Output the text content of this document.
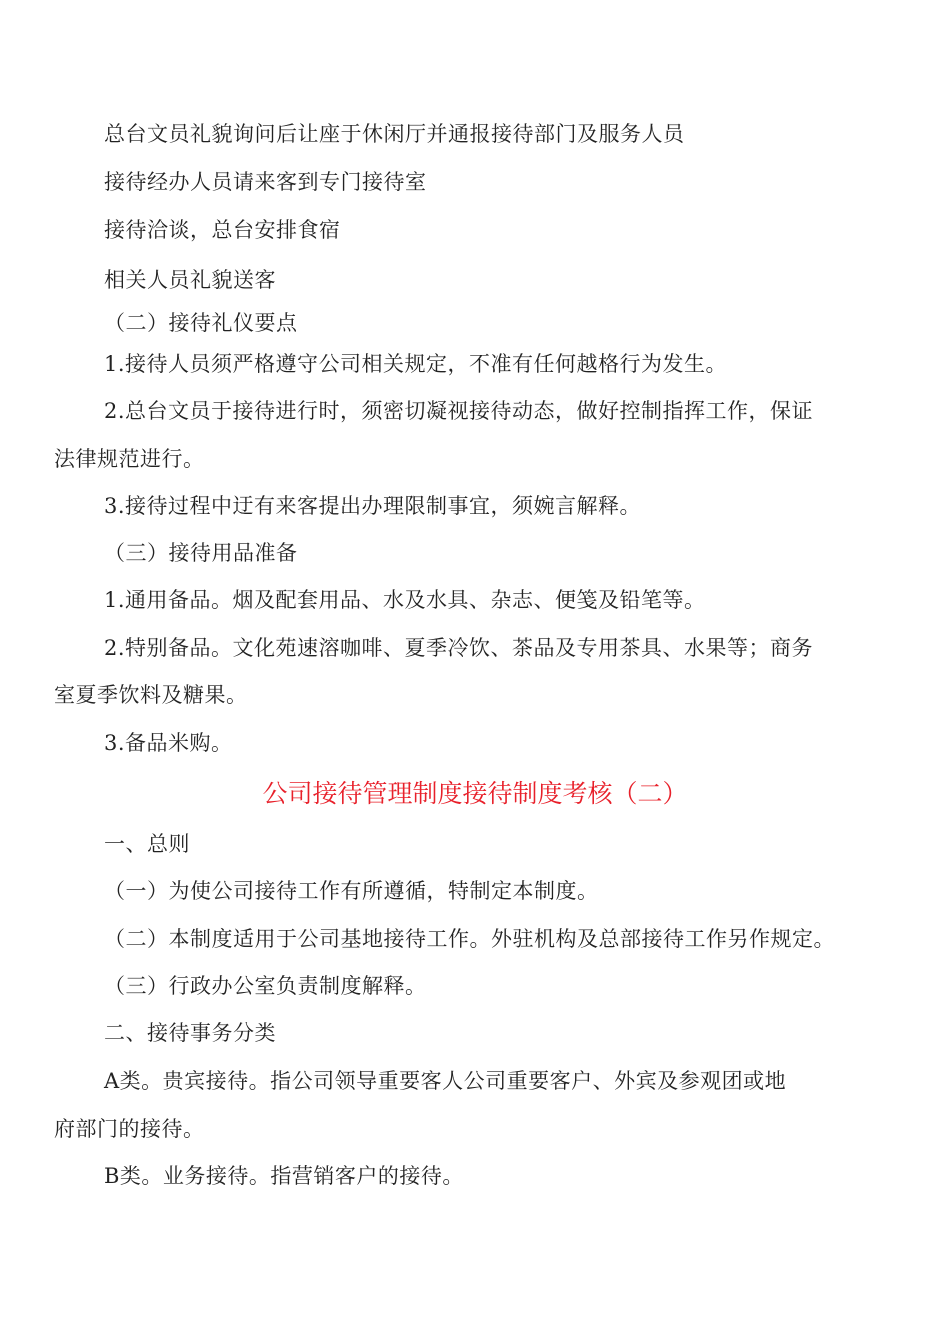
总台文员礼貌询问后让座于休闲厅并通报接待部门及服务人员
接待经办人员请来客到专门接待室
接待洽谈，总台安排食宿
相关人员礼貌送客
（二）接待礼仪要点
1.接待人员须严格遵守公司相关规定，不准有任何越格行为发生。
2.总台文员于接待进行时，须密切凝视接待动态，做好控制指挥工作，保证
法律规范进行。
3.接待过程中迂有来客提出办理限制事宜，须婉言解释。
（三）接待用品准备
1.通用备品。烟及配套用品、水及水具、杂志、便笺及铅笔等。
2.特别备品。文化苑速溶咖啡、夏季冷饮、茶品及专用茶具、水果等；商务
室夏季饮料及糖果。
3.备品米购。
公司接待管理制度接待制度考核（二）
一、总则
（一）为使公司接待工作有所遵循，特制定本制度。
（二）本制度适用于公司基地接待工作。外驻机构及总部接待工作另作规定。
（三）行政办公室负责制度解释。
二、接待事务分类
A类。贵宾接待。指公司领导重要客人公司重要客户、外宾及参观团或地
府部门的接待。
B类。业务接待。指营销客户的接待。
